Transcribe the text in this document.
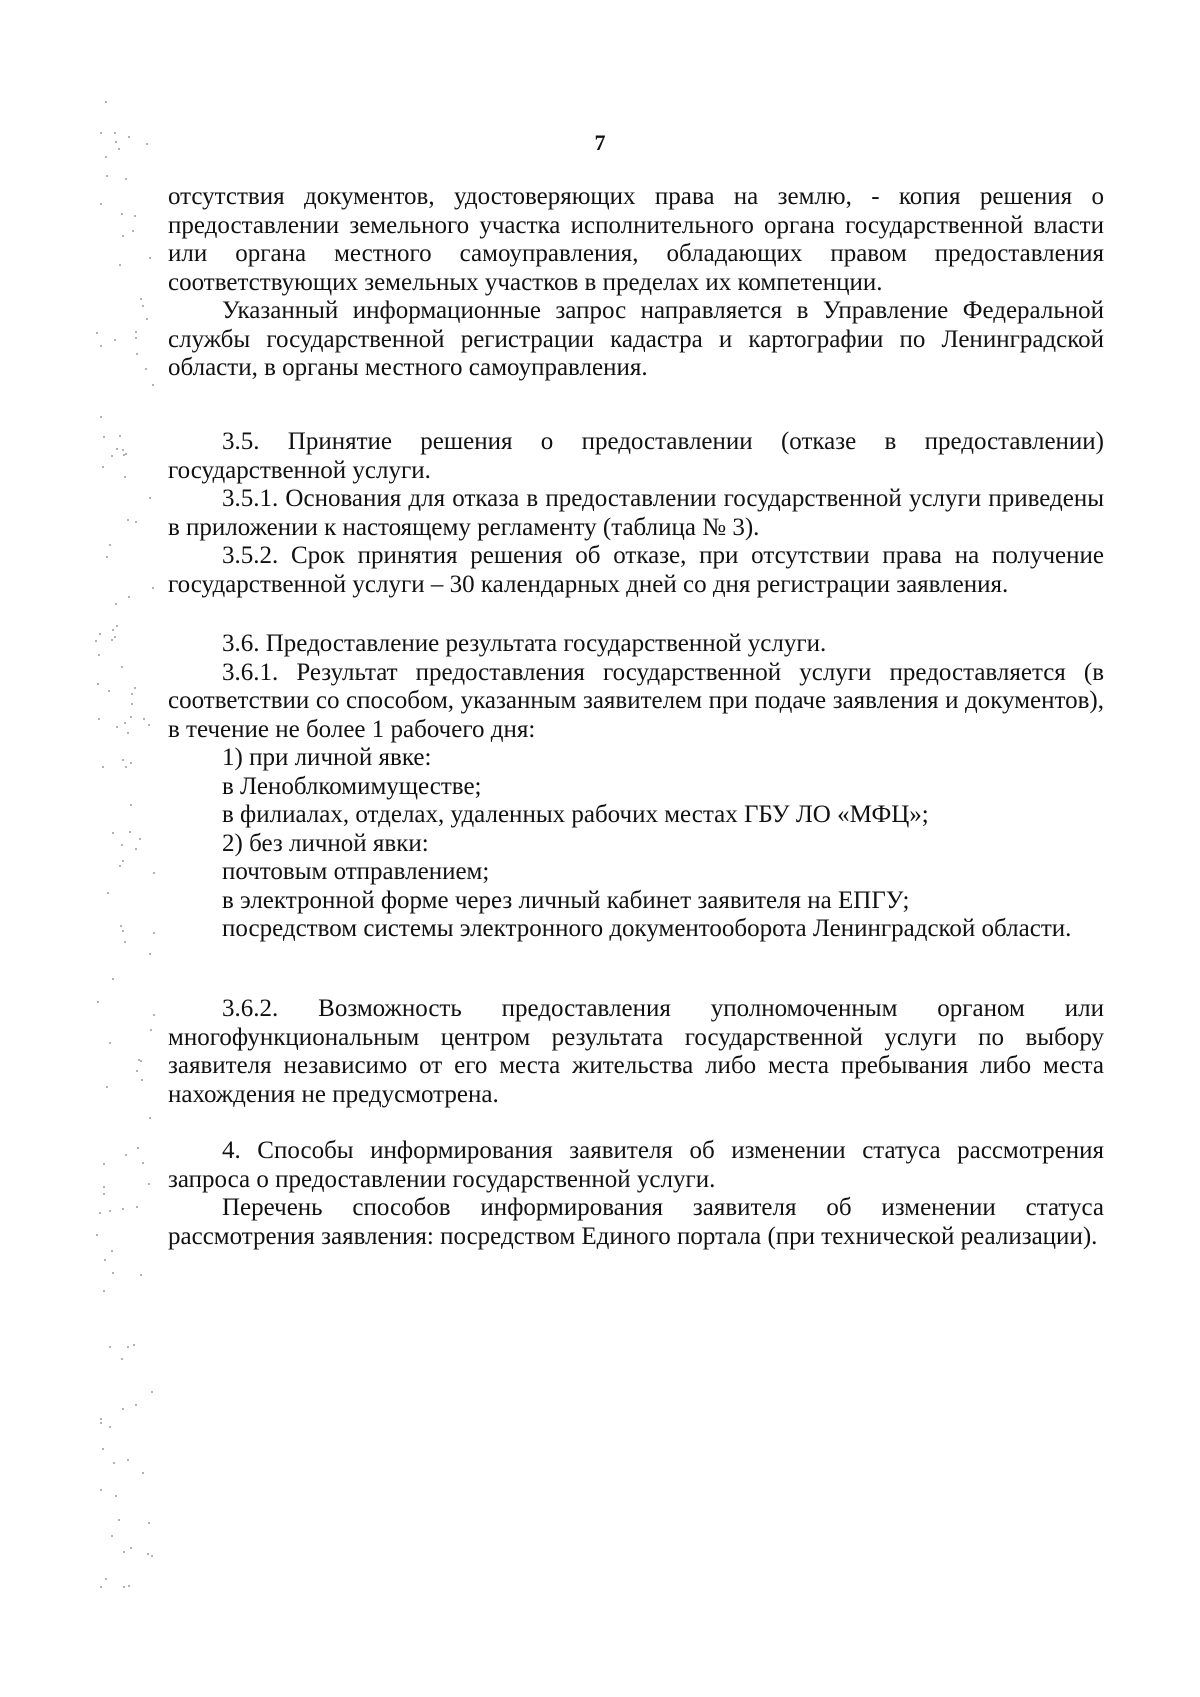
7

отсутствия документов, удостоверяющих права на землю, - копия решения о предоставлении земельного участка исполнительного органа государственной власти или органа местного самоуправления, обладающих правом предоставления соответствующих земельных участков в пределах их компетенции.

Указанный информационные запрос направляется в Управление Федеральной службы государственной регистрации кадастра и картографии по Ленинградской области, в органы местного самоуправления.

3.5. Принятие решения о предоставлении (отказе в предоставлении) государственной услуги.

3.5.1. Основания для отказа в предоставлении государственной услуги приведены в приложении к настоящему регламенту (таблица № 3).

3.5.2. Срок принятия решения об отказе, при отсутствии права на получение государственной услуги – 30 календарных дней со дня регистрации заявления.

3.6. Предоставление результата государственной услуги.

3.6.1. Результат предоставления государственной услуги предоставляется (в соответствии со способом, указанным заявителем при подаче заявления и документов), в течение не более 1 рабочего дня:

1) при личной явке:

в Леноблкомимуществе;

в филиалах, отделах, удаленных рабочих местах ГБУ ЛО «МФЦ»;

2) без личной явки:

почтовым отправлением;

в электронной форме через личный кабинет заявителя на ЕПГУ;

посредством системы электронного документооборота Ленинградской области.

3.6.2. Возможность предоставления уполномоченным органом или многофункциональным центром результата государственной услуги по выбору заявителя независимо от его места жительства либо места пребывания либо места нахождения не предусмотрена.

4. Способы информирования заявителя об изменении статуса рассмотрения запроса о предоставлении государственной услуги.

Перечень способов информирования заявителя об изменении статуса рассмотрения заявления: посредством Единого портала (при технической реализации).
